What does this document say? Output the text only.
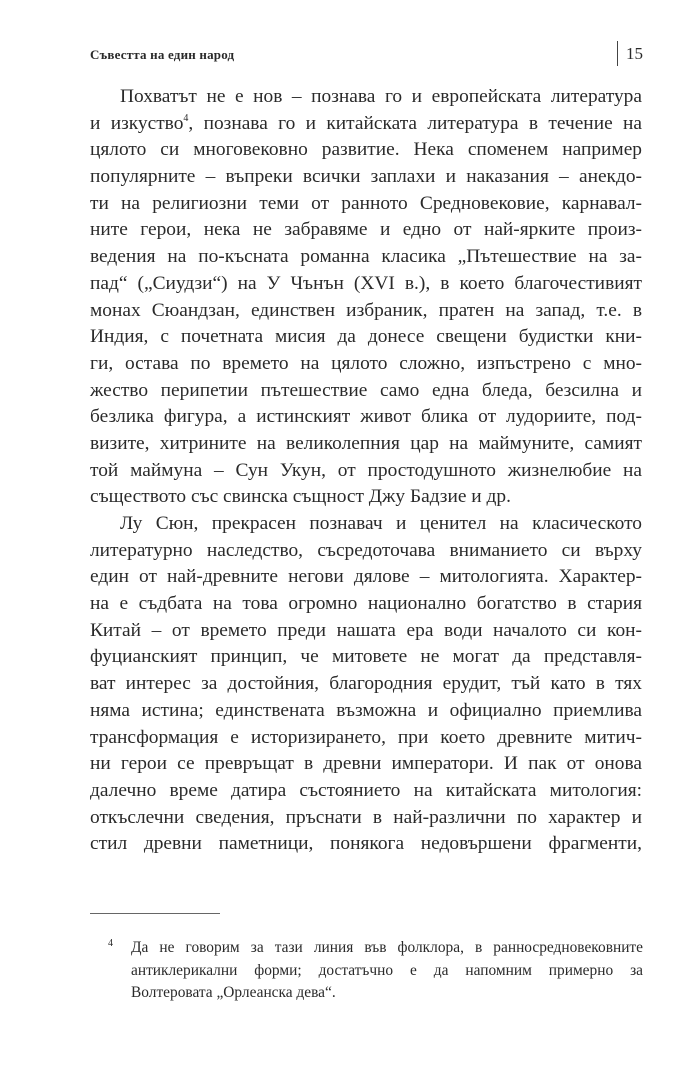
Съвестта на един народ	15
Похватът не е нов – познава го и европейската литература
и изкуство$^4$, познава го и китайската литература в течение на
цялото си многовековно развитие. Нека споменем например
популярните – въпреки всички заплахи и наказания – анекдо-
ти на религиозни теми от ранното Средновековие, карнавал-
ните герои, нека не забравяме и едно от най-ярките произ-
ведения на по-късната романна класика „Пътешествие на за-
пад“ („Сиудзи“) на У Чънън (XVI в.), в което благочестивият
монах Сюандзан, единствен избраник, пратен на запад, т.е. в
Индия, с почетната мисия да донесе свещени будистки кни-
ги, остава по времето на цялото сложно, изпъстрено с мно-
жество перипетии пътешествие само една бледа, безсилна и
безлика фигура, а истинският живот блика от лудориите, под-
визите, хитрините на великолепния цар на маймуните, самият
той маймуна – Сун Укун, от простодушното жизнелюбие на
съществото със свинска същност Джу Бадзие и др.
Лу Сюн, прекрасен познавач и ценител на класическото
литературно наследство, съсредоточава вниманието си върху
един от най-древните негови дялове – митологията. Характер-
на е съдбата на това огромно национално богатство в стария
Китай – от времето преди нашата ера води началото си кон-
фуцианският принцип, че митовете не могат да представля-
ват интерес за достойния, благородния ерудит, тъй като в тях
няма истина; единствената възможна и официално приемлива
трансформация е историзирането, при което древните митич-
ни герои се превръщат в древни императори. И пак от онова
далечно време датира състоянието на китайската митология:
откъслечни сведения, пръснати в най-различни по характер и
стил древни паметници, понякога недовършени фрагменти,
4	Да не говорим за тази линия във фолклора, в ранносредновековните
антиклерикални форми; достатъчно е да напомним примерно за
Волтеровата „Орлеанска дева“.
